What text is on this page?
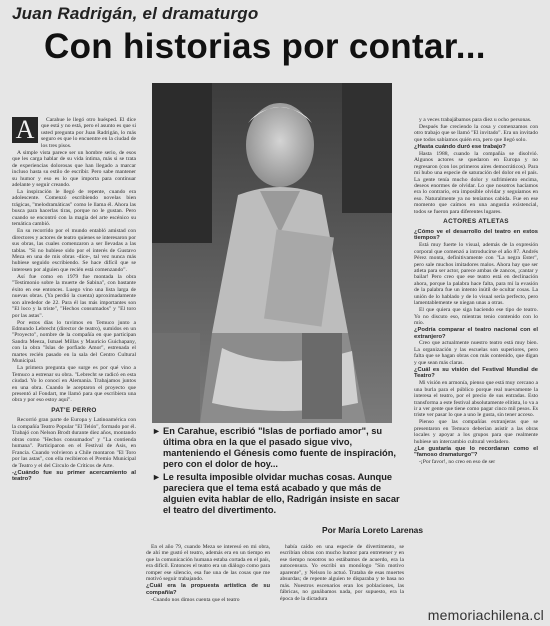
Juan Radrigán, el dramaturgo
Con historias por contar...
A	Carahue le llegó otro huésped. El dice que está y no está, pero el asunto es que si usted pregunta por Juan Radrigán, lo más seguro es que lo encuentre en la ciudad de los tres pisos.

A simple vista parece ser un hombre serio, de esos que les carga hablar de su vida íntima, más si se trata de experiencias dolorosas que han llegado a marcar incluso hasta su estilo de escribir. Pero sabe mantener su humor y eso es lo que importa para continuar adelante y seguir creando.

La inspiración le llegó de repente, cuando era adolescente. Comenzó escribiendo novelas bien trágicas, "melodramáticas" como le llama él. Ahora las busca para hacerlas tiras, porque no le gustan. Pero cuando se encontró con la magia del arte escénico su temática cambió.

En su recorrido por el mundo entabló amistad con directores y actores de teatro quienes se interesaron por sus obras, las cuales comenzaron a ser llevadas a las tablas. "Si no hubiese sido por el interés de Gustavo Meza en una de mis obras -dice-, tal vez nunca más hubiese seguido escribiendo. Se hace difícil que se interesen por alguien que recién está comenzando".

Así fue como en 1979 fue montada la obra "Testimonio sobre la muerte de Sabina", con bastante éxito en ese entonces. Luego vino una lista larga de nuevas obras. (Ya perdió la cuenta) aproximadamente son alrededor de 22. Para él las más importantes son "El loco y la triste", "Hechos consumados" y "El toro por las astas".

Por estos días lo tuvimos en Temuco junto a Edmundo Lebrecht (director de teatro), sumidos en un "Proyecto", nombre de la compañía en que participan Sandra Meeza, Ismael Millas y Mauricio Guichapany, con la obra "Islas de porfiado Amor", estrenada el martes recién pasado en la sala del Centro Cultural Municipal.

La primera pregunta que surge es por qué vino a Temuco a estrenar su obra. "Lebrecht se radicó en esta ciudad. Yo lo conocí en Alemania. Trabajamos juntos en una obra. Cuando le aceptaron el proyecto que presentó al Fondart, me llamó para que escribiera una obra y por eso estoy aquí".

PAT'E PERRO

Recorrió gran parte de Europa y Latinoamérica con la compañía Teatro Popular "El Telón", formado por él. Trabajó con Nelson Brodt durante diez años, montando obras como "Hechos consumados" y "La contienda humana". Participaron en el Festival de Asis, en Francia. Cuando volvieron a Chile montaron "El Toro por las astas", con ella recibieron el Premio Municipal de Teatro y el del Círculo de Críticos de Arte.

-¿Cuándo fue su primer acercamiento al teatro?

► En Carahue, escribió "Islas de porfiado amor", su última obra en la que el pasado sigue vivo, manteniendo el Génesis como fuente de inspiración, pero con el dolor de hoy...
► Le resulta imposible olvidar muchas cosas. Aunque pareciera que el tema está acabado y que más de alguien evita hablar de ello, Radrigán insiste en sacar el teatro del divertimento.
Por María Loreto Larenas

En el año 79, cuando Meza se interesó en mi obra, de ahí me gustó el teatro, además era en un tiempo en que la comunicación humana estaba cortada en el país, era difícil. Entonces el teatro era un diálogo como para romper ese silencio, esa fue una de las cosas que me motivó seguir trabajando.

¿Cuál era la propuesta artística de su compañía?

-Cuando nos dimos cuenta que el teatro

había caído en una especie de divertimento, se escribían obras con mucho humor para entretener y en ese tiempo nosotros no estábamos de acuerdo, era la autocensura. Yo escribí un monólogo "Sin motivo aparente", y Nelson lo actuó. Trataba de esas muertes absurdas; de repente alguien te disparaba y te basa no más. Nuestros escenarios eran los poblaciones, las fábricas, no ganábamos nada, por supuesto, era la época de la dictadura

y a veces trabajábamos para diez u ocho personas.

Después fue creciendo la cosa y comenzamos con otro trabajo que se llamó "El invitado". Era un invitado que todos sabíamos quién era, pero que llegó solo.

¿Hasta cuándo duró ese trabajo?

Hasta 1988, cuando la compañía se disolvió. Algunos actores se quedaron en Europa y no regresaron (con los primeros aires democráticos). Para mí hubo una especie de saturación del dolor en el país. La gente tenía mucho dolor y sufrimiento encima, deseos enormes de olvidar. Lo que nosotros hacíamos era lo contrario, era imposible olvidar y seguíamos en eso. Naturalmente ya no teníamos cabida. Fue en ese momento que caímos en una angustia existencial, todos se fueron para diferentes lugares.

ACTORES ATLETAS

¿Cómo ve el desarrollo del teatro en estos tiempos?

Está muy fuerte lo visual, además de la expresión corporal que comenzó a introducirse el año 87. Andrés Pérez monta, definitivamente con "La negra Ester", pero sale muchos imitadores malos. Ahora hay que ser atleta para ser actor, parece ambas de zancos, ¡cantar y bailar! Pero creo que ese teatro está en declinación ahora, porque la palabra hace falta, para mí la evasión de la palabra fue un intento inútil de ocultar cosas. La unión de lo hablado y de lo visual sería perfecto, pero lamentablemente se niegan unas a otras.

El que quiera que siga haciendo ese tipo de teatro. Yo no discuto eso, mientras tenio contenido con lo mío.

¿Podría comparar el teatro nacional con el extranjero?

Creo que actualmente nuestro teatro está muy bien. La organización y las escuelas son superiores, pero falta que se hagan obras con más contenido, que digan y que sean más claras.

¿Cuál es su visión del Festival Mundial de Teatro?

Mi visión en armonía, pienso que está muy cercano a una burla para el público porque real nuevamente la interesa el teatro, por el precio de sus entradas. Esto transforma a este festival absolutamente elitista, lo va a ir a ver gente que tiene como pagar cinco mil pesos. Es triste ver pasar lo que a uno le gusta, sin tener acceso.

Pienso que las compañías extranjeras que se presentaron en Temuco deberían asistir a las obras locales y apoyar a los grupos para que realmente hubiese un intercambio cultural verdadero.

¿Le gustaría que lo recordaran como el "famoso dramaturgo"?

-¡Por favor!, no creo en eso de ser

memoriachilena.cl
